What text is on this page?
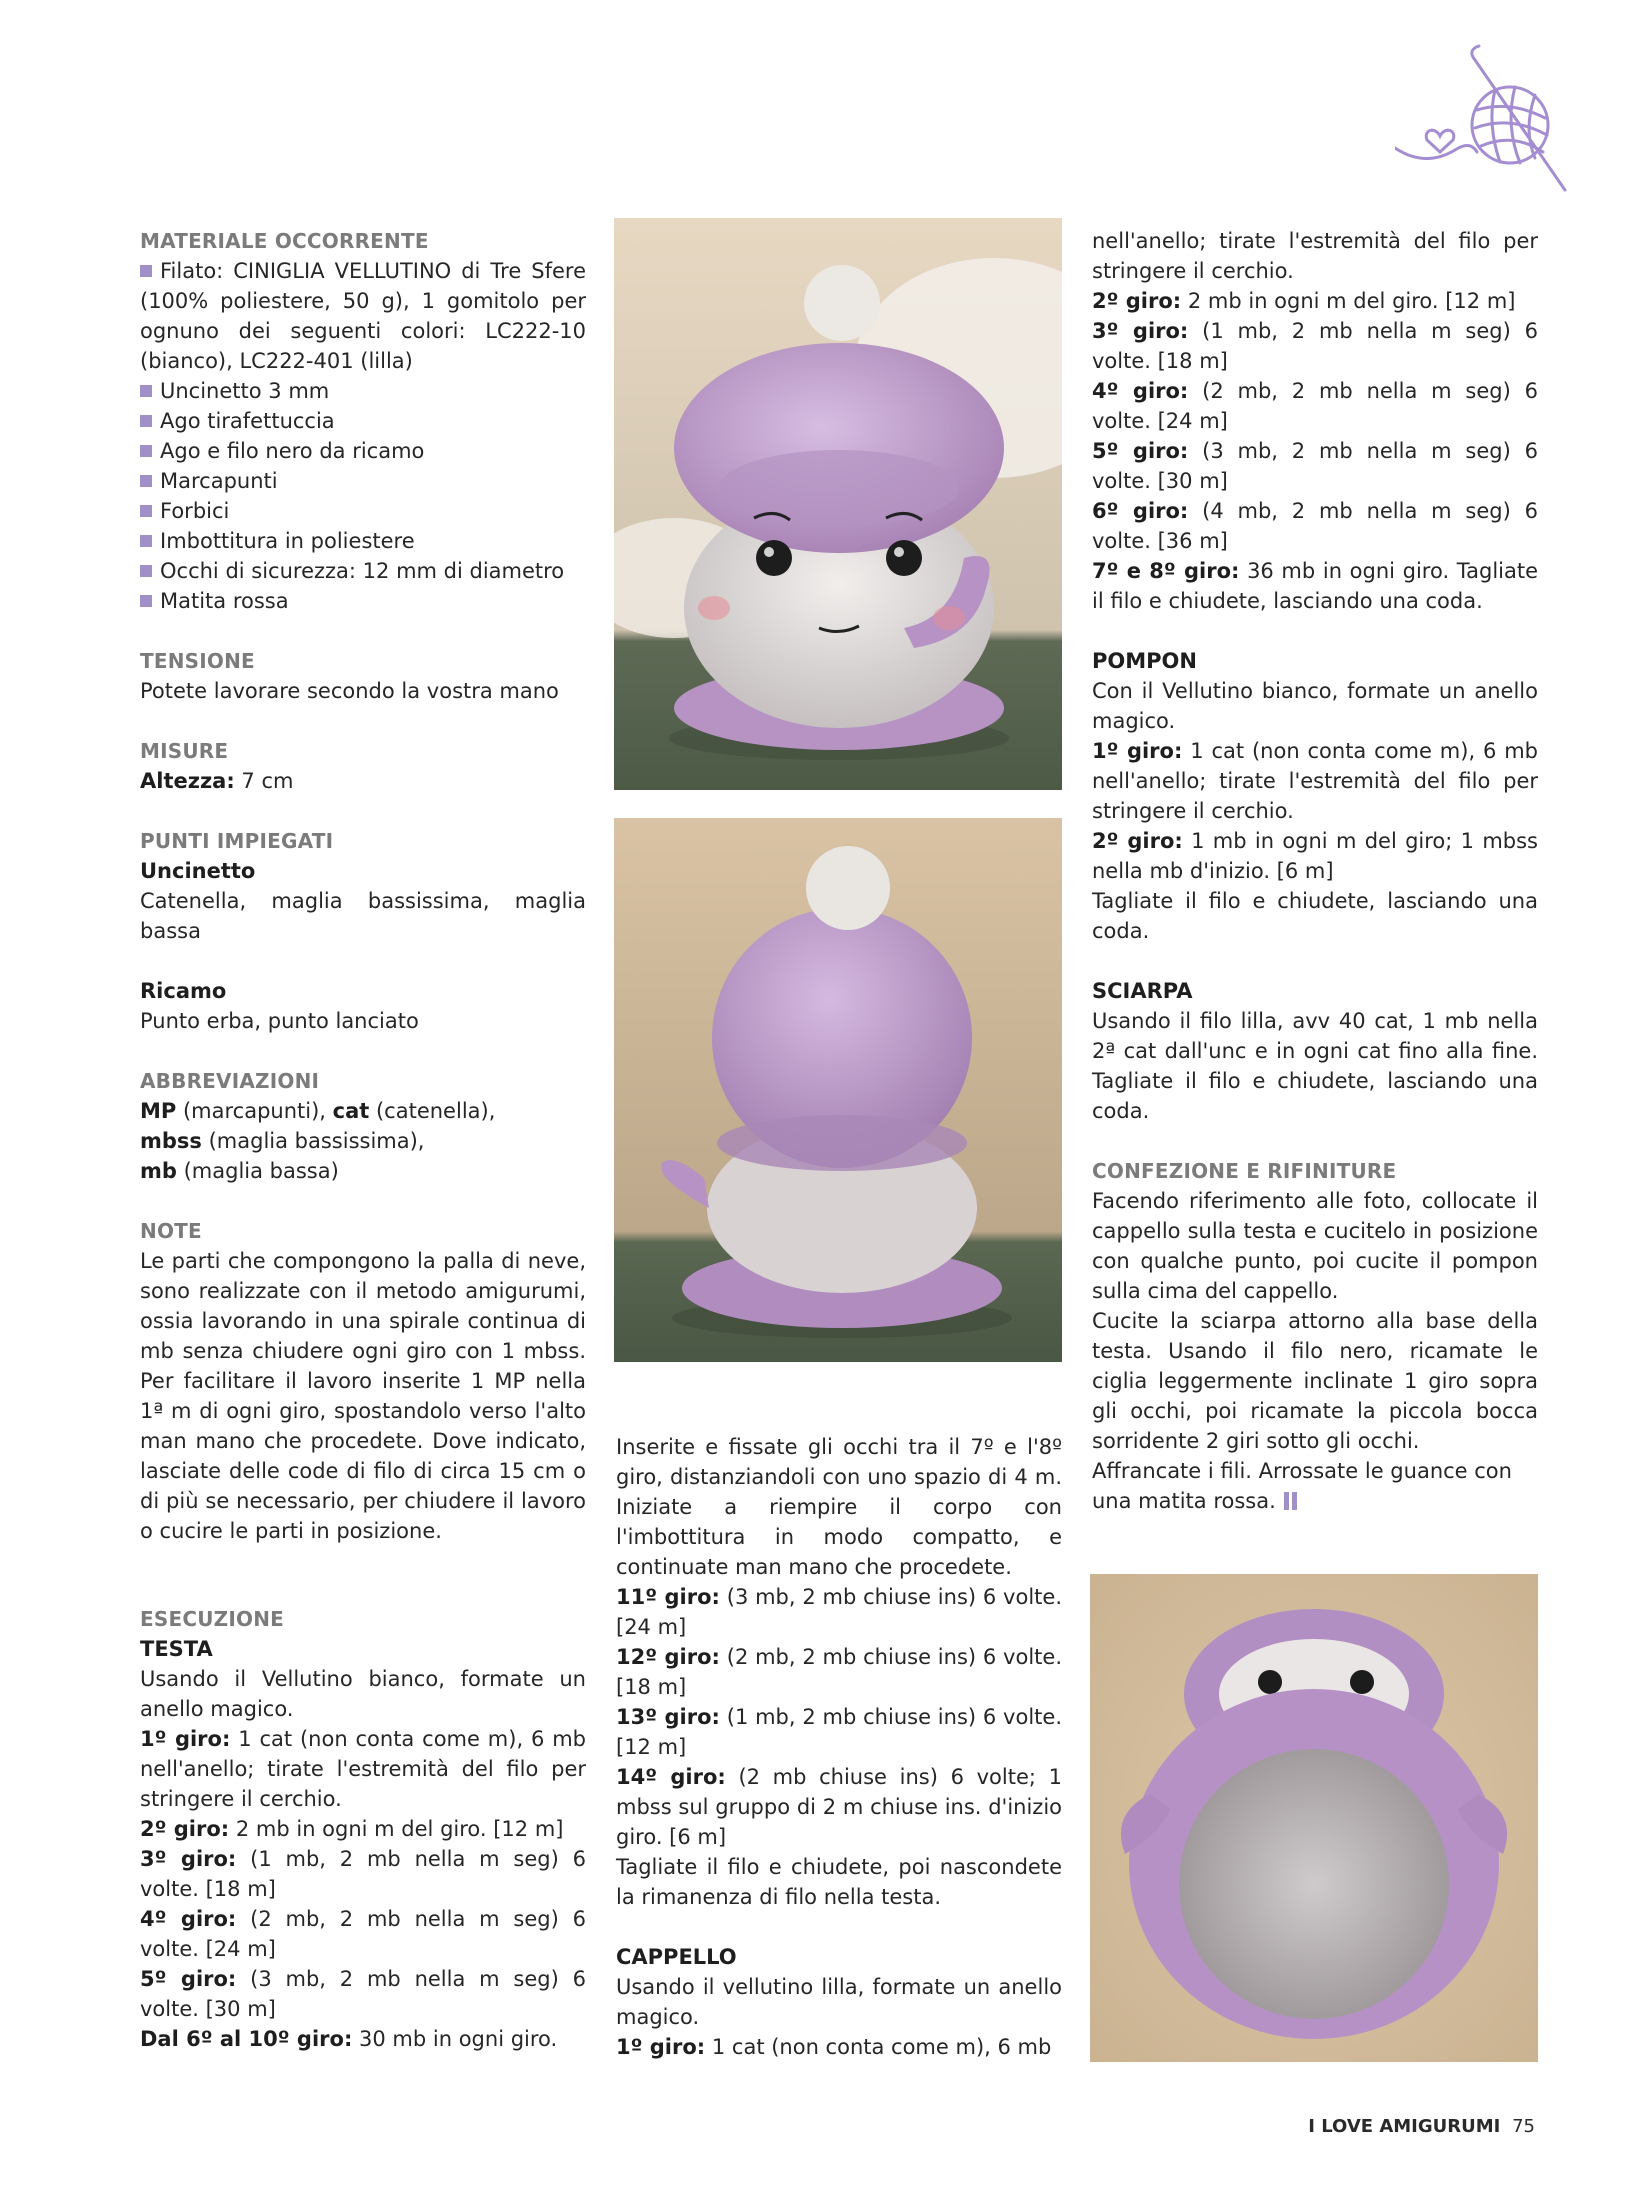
MATERIALE OCCORRENTE

Filato: CINIGLIA VELLUTINO di Tre Sfere (100% poliestere, 50 g), 1 gomitolo per ognuno dei seguenti colori: LC222-10 (bianco), LC222-401 (lilla)

Uncinetto 3 mm

Ago tirafettuccia

Ago e filo nero da ricamo

Marcapunti

Forbici

Imbottitura in poliestere

Occhi di sicurezza: 12 mm di diametro

Matita rossa

TENSIONE

Potete lavorare secondo la vostra mano

MISURE

Altezza: 7 cm

PUNTI IMPIEGATI

Uncinetto

Catenella, maglia bassissima, maglia bassa

Ricamo

Punto erba, punto lanciato

ABBREVIAZIONI

MP (marcapunti), cat (catenella),

mbss (maglia bassissima),

mb (maglia bassa)

NOTE

Le parti che compongono la palla di neve, sono realizzate con il metodo amigurumi, ossia lavorando in una spirale continua di mb senza chiudere ogni giro con 1 mbss. Per facilitare il lavoro inserite 1 MP nella 1ª m di ogni giro, spostandolo verso l'alto man mano che procedete. Dove indicato, lasciate delle code di filo di circa 15 cm o di più se necessario, per chiudere il lavoro o cucire le parti in posizione.

ESECUZIONE

TESTA

Usando il Vellutino bianco, formate un anello magico.

1º giro: 1 cat (non conta come m), 6 mb nell'anello; tirate l'estremità del filo per stringere il cerchio.

2º giro: 2 mb in ogni m del giro. [12 m]

3º giro: (1 mb, 2 mb nella m seg) 6 volte. [18 m]

4º giro: (2 mb, 2 mb nella m seg) 6 volte. [24 m]

5º giro: (3 mb, 2 mb nella m seg) 6 volte. [30 m]

Dal 6º al 10º giro: 30 mb in ogni giro.

Inserite e fissate gli occhi tra il 7º e l'8º giro, distanziandoli con uno spazio di 4 m. Iniziate a riempire il corpo con l'imbottitura in modo compatto, e continuate man mano che procedete.

11º giro: (3 mb, 2 mb chiuse ins) 6 volte. [24 m]

12º giro: (2 mb, 2 mb chiuse ins) 6 volte. [18 m]

13º giro: (1 mb, 2 mb chiuse ins) 6 volte. [12 m]

14º giro: (2 mb chiuse ins) 6 volte; 1 mbss sul gruppo di 2 m chiuse ins. d'inizio giro. [6 m]

Tagliate il filo e chiudete, poi nascondete la rimanenza di filo nella testa.

CAPPELLO

Usando il vellutino lilla, formate un anello magico.

1º giro: 1 cat (non conta come m), 6 mb

nell'anello; tirate l'estremità del filo per stringere il cerchio.

2º giro: 2 mb in ogni m del giro. [12 m]

3º giro: (1 mb, 2 mb nella m seg) 6 volte. [18 m]

4º giro: (2 mb, 2 mb nella m seg) 6 volte. [24 m]

5º giro: (3 mb, 2 mb nella m seg) 6 volte. [30 m]

6º giro: (4 mb, 2 mb nella m seg) 6 volte. [36 m]

7º e 8º giro: 36 mb in ogni giro. Tagliate il filo e chiudete, lasciando una coda.

POMPON

Con il Vellutino bianco, formate un anello magico.

1º giro: 1 cat (non conta come m), 6 mb nell'anello; tirate l'estremità del filo per stringere il cerchio.

2º giro: 1 mb in ogni m del giro; 1 mbss nella mb d'inizio. [6 m]

Tagliate il filo e chiudete, lasciando una coda.

SCIARPA

Usando il filo lilla, avv 40 cat, 1 mb nella 2ª cat dall'unc e in ogni cat fino alla fine. Tagliate il filo e chiudete, lasciando una coda.

CONFEZIONE E RIFINITURE

Facendo riferimento alle foto, collocate il cappello sulla testa e cucitelo in posizione con qualche punto, poi cucite il pompon sulla cima del cappello.

Cucite la sciarpa attorno alla base della testa. Usando il filo nero, ricamate le ciglia leggermente inclinate 1 giro sopra gli occhi, poi ricamate la piccola bocca sorridente 2 giri sotto gli occhi.

Affrancate i fili. Arrossate le guance con una matita rossa.

I LOVE AMIGURUMI 75
